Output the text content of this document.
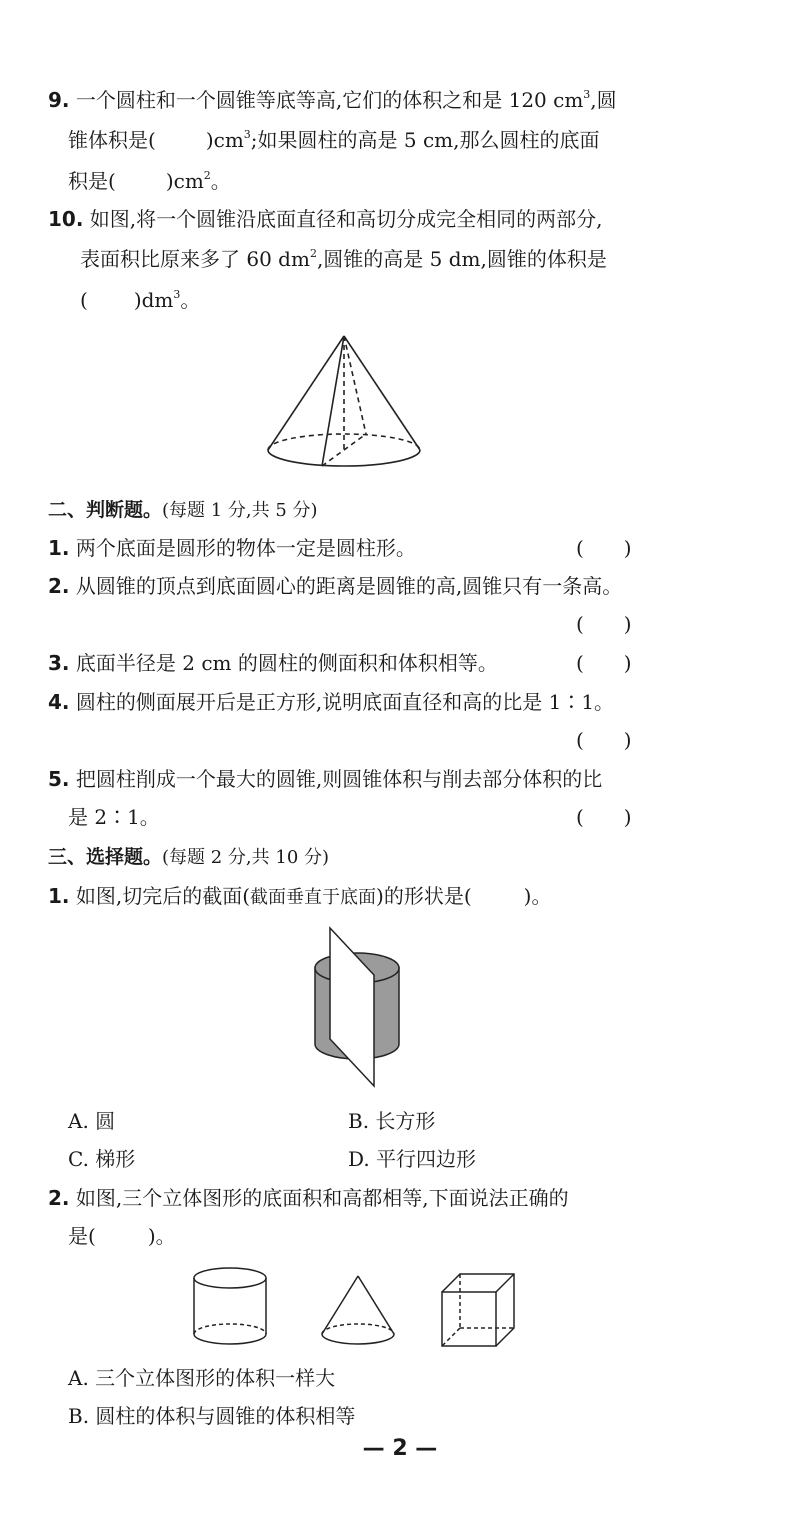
9. 一个圆柱和一个圆锥等底等高,它们的体积之和是 120 $cm^3$,圆
锥体积是(	)$cm^3$;如果圆柱的高是 5 cm,那么圆柱的底面
积是(	)$cm^2$。
10. 如图,将一个圆锥沿底面直径和高切分成完全相同的两部分,
表面积比原来多了 60 $dm^2$,圆锥的高是 5 dm,圆锥的体积是
( )$dm^3$。
二、判断题。(每题 1 分,共 5 分)
1. 两个底面是圆形的物体一定是圆柱形。	(　　)
2. 从圆锥的顶点到底面圆心的距离是圆锥的高,圆锥只有一条高。
(　　)
3. 底面半径是 2 cm 的圆柱的侧面积和体积相等。	(　　)
4. 圆柱的侧面展开后是正方形,说明底面直径和高的比是 1∶1。
(　　)
5. 把圆柱削成一个最大的圆锥,则圆锥体积与削去部分体积的比
是 2∶1。	(　　)
三、选择题。(每题 2 分,共 10 分)
1. 如图,切完后的截面(截面垂直于底面)的形状是(	)。
A. 圆	B. 长方形
C. 梯形	D. 平行四边形
2. 如图,三个立体图形的底面积和高都相等,下面说法正确的
是(	)。
A. 三个立体图形的体积一样大
B. 圆柱的体积与圆锥的体积相等
— 2 —
